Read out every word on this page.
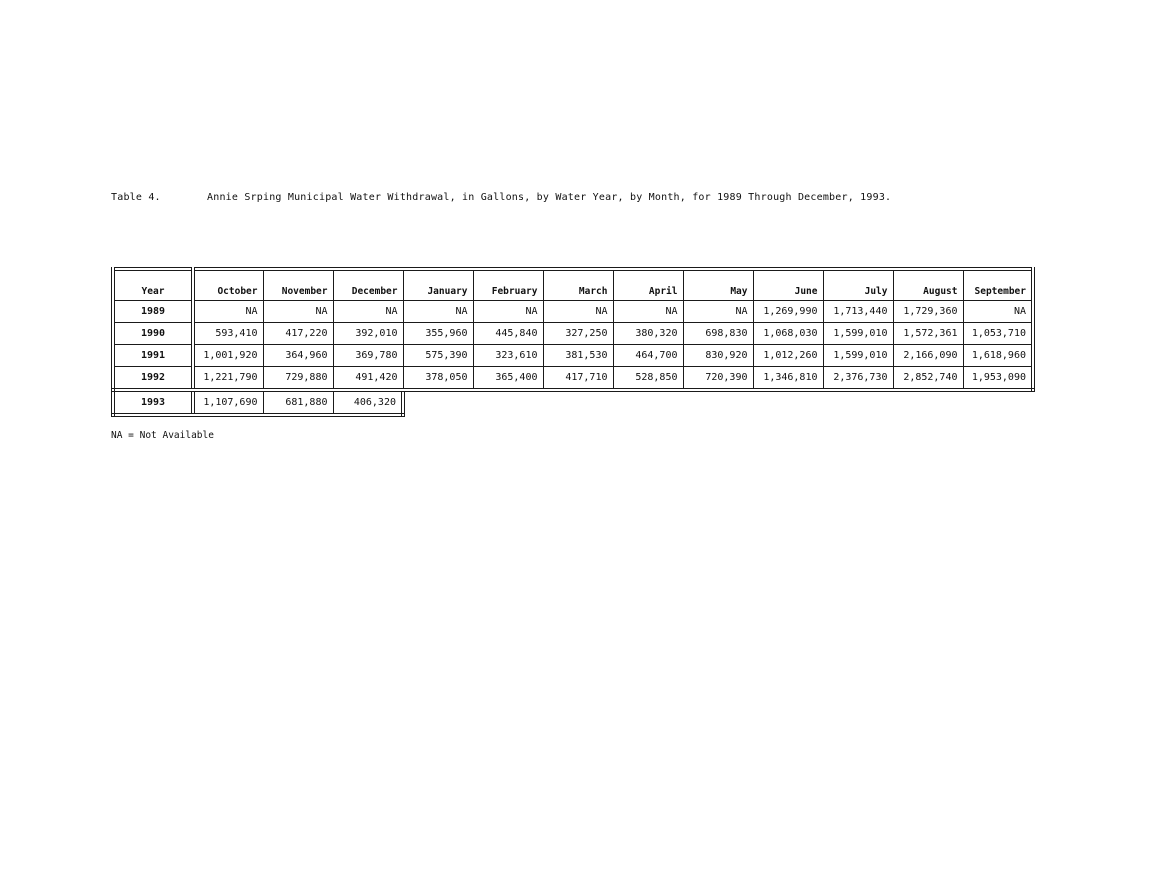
Table 4.	Annie Srping Municipal Water Withdrawal, in Gallons, by Water Year, by Month, for 1989 Through December, 1993.
Year	October	November	December	January	February	March	April	May	June	July	August	September
1989	NA	NA	NA	NA	NA	NA	NA	NA	1,269,990	1,713,440	1,729,360	NA
1990	593,410	417,220	392,010	355,960	445,840	327,250	380,320	698,830	1,068,030	1,599,010	1,572,361	1,053,710
1991	1,001,920	364,960	369,780	575,390	323,610	381,530	464,700	830,920	1,012,260	1,599,010	2,166,090	1,618,960
1992	1,221,790	729,880	491,420	378,050	365,400	417,710	528,850	720,390	1,346,810	2,376,730	2,852,740	1,953,090
1993	1,107,690	681,880	406,320									
NA = Not Available
